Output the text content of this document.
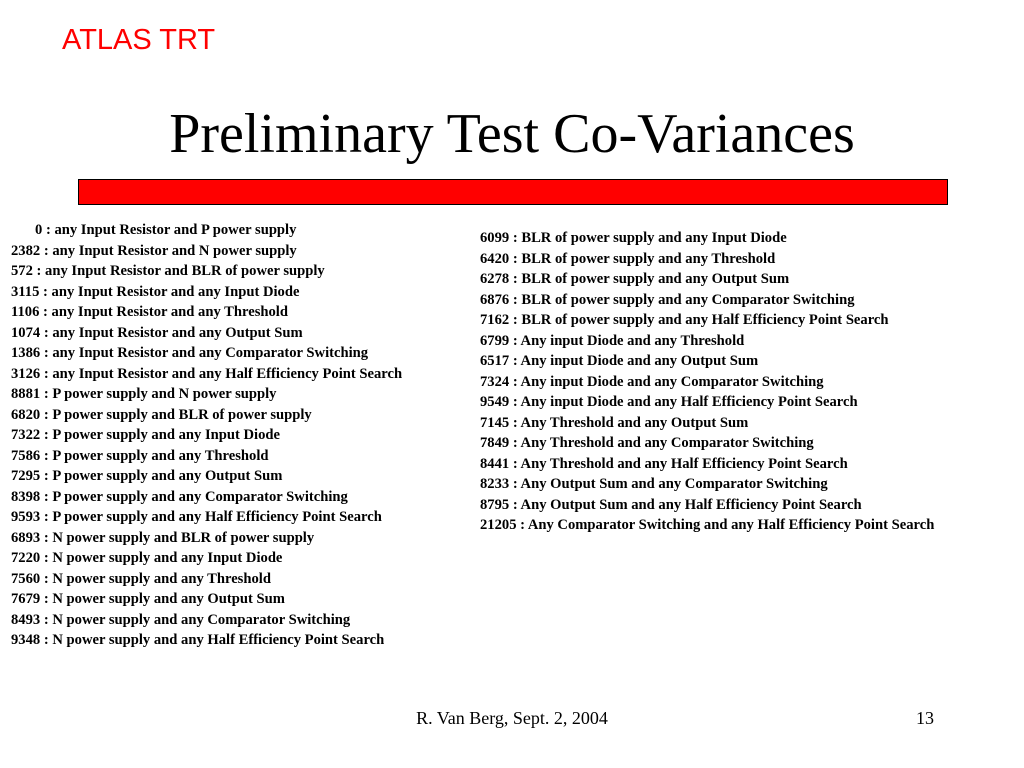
ATLAS TRT
Preliminary Test Co-Variances
0 : any Input Resistor and P power supply
2382 : any Input Resistor and N power supply
572 : any Input Resistor and BLR of power supply
3115 : any Input Resistor and any Input Diode
1106 : any Input Resistor and any Threshold
1074 : any Input Resistor and any Output Sum
1386 : any Input Resistor and any Comparator Switching
3126 : any Input Resistor and any Half Efficiency Point Search
8881 : P power supply and N power supply
6820 : P power supply and BLR of power supply
7322 : P power supply and any Input Diode
7586 : P power supply and any Threshold
7295 : P power supply and any Output Sum
8398 : P power supply and any Comparator Switching
9593 : P power supply and any Half Efficiency Point Search
6893 : N power supply and BLR of power supply
7220 : N power supply and any Input Diode
7560 : N power supply and any Threshold
7679 : N power supply and any Output Sum
8493 : N power supply and any Comparator Switching
9348 : N power supply and any Half Efficiency Point Search
6099 : BLR of power supply and any Input Diode
6420 : BLR of power supply and any Threshold
6278 : BLR of power supply and any Output Sum
6876 : BLR of power supply and any Comparator Switching
7162 : BLR of power supply and any Half Efficiency Point Search
6799 : Any input Diode and any Threshold
6517 : Any input Diode and any Output Sum
7324 : Any input Diode and any Comparator Switching
9549 : Any input Diode and any Half Efficiency Point Search
7145 : Any Threshold and any Output Sum
7849 : Any Threshold and any Comparator Switching
8441 : Any Threshold and any Half Efficiency Point Search
8233 : Any Output Sum and any Comparator Switching
8795 : Any Output Sum and any Half Efficiency Point Search
21205 : Any Comparator Switching and any Half Efficiency Point Search
R. Van Berg, Sept. 2, 2004	13
